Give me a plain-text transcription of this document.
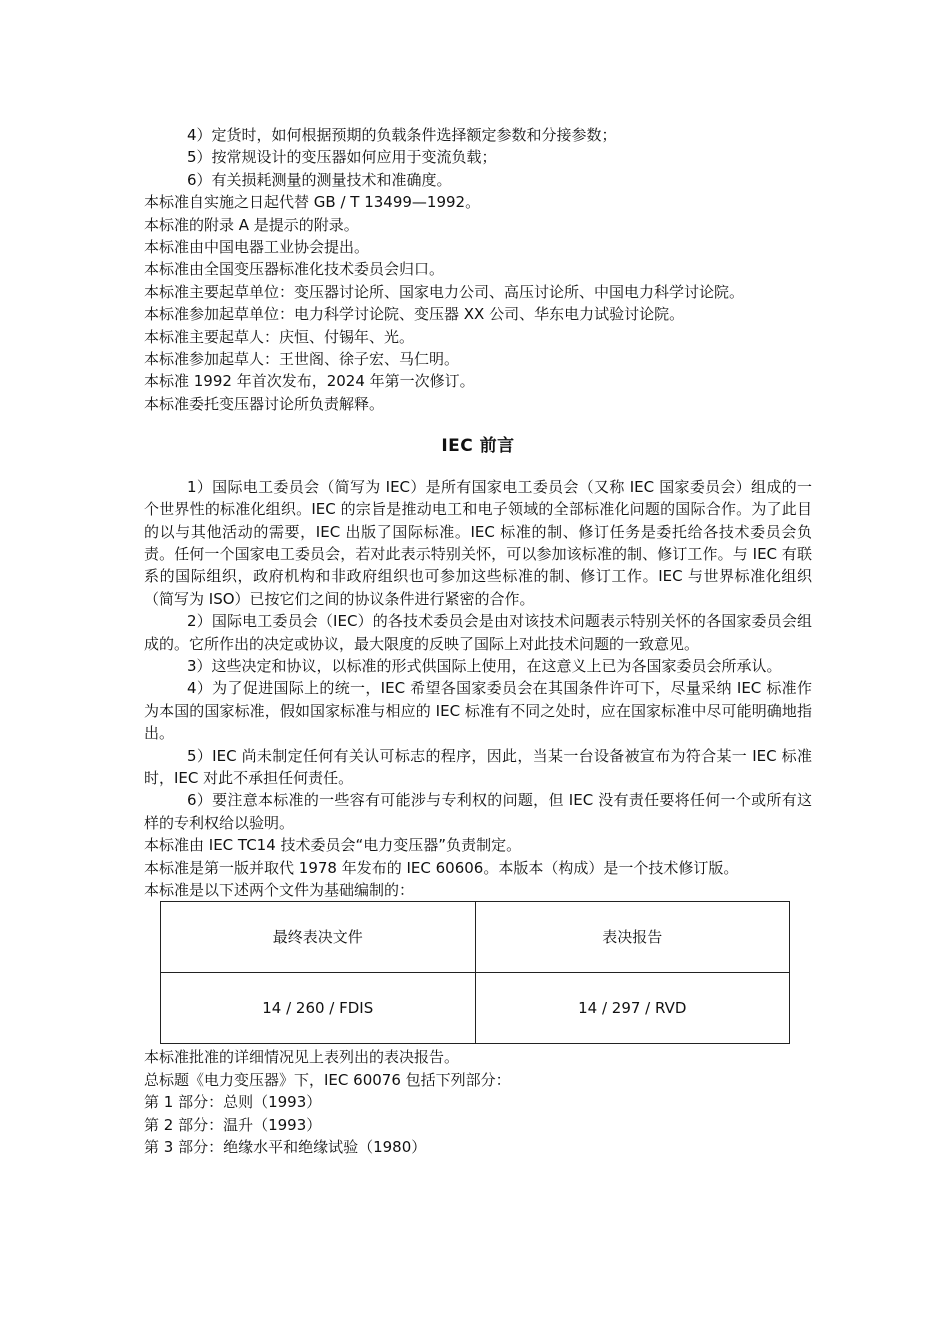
4）定货时，如何根据预期的负载条件选择额定参数和分接参数；
5）按常规设计的变压器如何应用于变流负载；
6）有关损耗测量的测量技术和准确度。
本标准自实施之日起代替 GB / T 13499—1992。
本标准的附录 A 是提示的附录。
本标准由中国电器工业协会提出。
本标准由全国变压器标准化技术委员会归口。
本标准主要起草单位：变压器讨论所、国家电力公司、高压讨论所、中国电力科学讨论院。
本标准参加起草单位：电力科学讨论院、变压器 XX 公司、华东电力试验讨论院。
本标准主要起草人：庆恒、付锡年、光。
本标准参加起草人：王世阁、徐子宏、马仁明。
本标准 1992 年首次发布，2024 年第一次修订。
本标准委托变压器讨论所负责解释。
IEC 前言
1）国际电工委员会（简写为 IEC）是所有国家电工委员会（又称 IEC 国家委员会）组成的一个世界性的标准化组织。IEC 的宗旨是推动电工和电子领域的全部标准化问题的国际合作。为了此目的以与其他活动的需要，IEC 出版了国际标准。IEC 标准的制、修订任务是委托给各技术委员会负责。任何一个国家电工委员会，若对此表示特别关怀，可以参加该标准的制、修订工作。与 IEC 有联系的国际组织，政府机构和非政府组织也可参加这些标准的制、修订工作。IEC 与世界标准化组织（简写为 ISO）已按它们之间的协议条件进行紧密的合作。
2）国际电工委员会（IEC）的各技术委员会是由对该技术问题表示特别关怀的各国家委员会组成的。它所作出的决定或协议，最大限度的反映了国际上对此技术问题的一致意见。
3）这些决定和协议，以标准的形式供国际上使用，在这意义上已为各国家委员会所承认。
4）为了促进国际上的统一，IEC 希望各国家委员会在其国条件许可下，尽量采纳 IEC 标准作为本国的国家标准，假如国家标准与相应的 IEC 标准有不同之处时，应在国家标准中尽可能明确地指出。
5）IEC 尚未制定任何有关认可标志的程序，因此，当某一台设备被宣布为符合某一 IEC 标准时，IEC 对此不承担任何责任。
6）要注意本标准的一些容有可能涉与专利权的问题，但 IEC 没有责任要将任何一个或所有这样的专利权给以验明。
本标准由 IEC TC14 技术委员会“电力变压器”负责制定。
本标准是第一版并取代 1978 年发布的 IEC 60606。本版本（构成）是一个技术修订版。
本标准是以下述两个文件为基础编制的：
最终表决文件	表决报告
14 / 260 / FDIS	14 / 297 / RVD
本标准批准的详细情况见上表列出的表决报告。
总标题《电力变压器》下，IEC 60076 包括下列部分：
第 1 部分：总则（1993）
第 2 部分：温升（1993）
第 3 部分：绝缘水平和绝缘试验（1980）
